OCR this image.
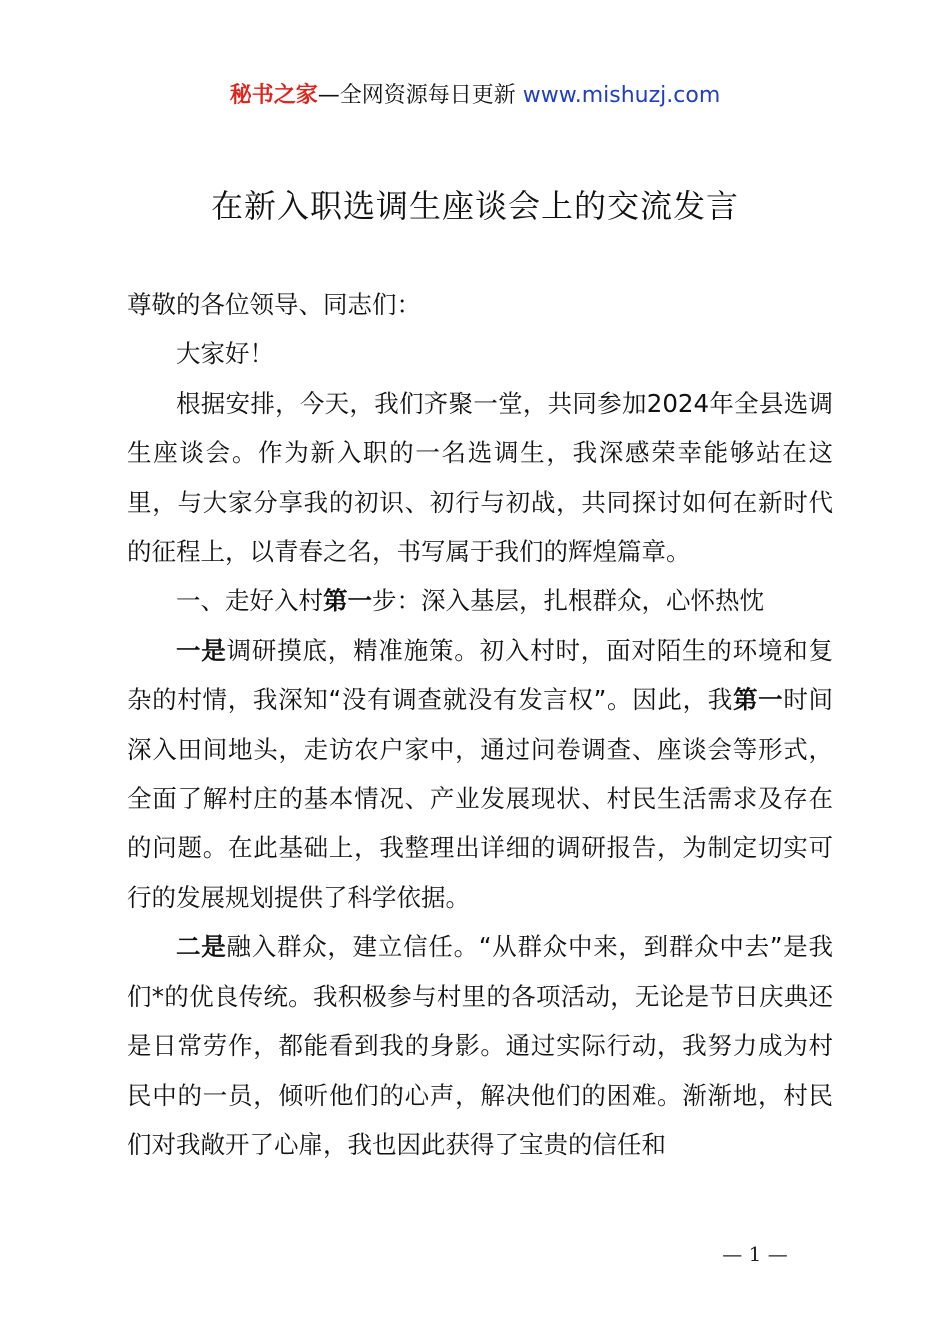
秘书之家—全网资源每日更新 www.mishuzj.com
在新入职选调生座谈会上的交流发言

尊敬的各位领导、同志们：

大家好！

根据安排，今天，我们齐聚一堂，共同参加2024年全县选调生座谈会。作为新入职的一名选调生，我深感荣幸能够站在这里，与大家分享我的初识、初行与初战，共同探讨如何在新时代的征程上，以青春之名，书写属于我们的辉煌篇章。

一、走好入村第一步：深入基层，扎根群众，心怀热忱

一是调研摸底，精准施策。初入村时，面对陌生的环境和复杂的村情，我深知“没有调查就没有发言权”。因此，我第一时间深入田间地头，走访农户家中，通过问卷调查、座谈会等形式，全面了解村庄的基本情况、产业发展现状、村民生活需求及存在的问题。在此基础上，我整理出详细的调研报告，为制定切实可行的发展规划提供了科学依据。

二是融入群众，建立信任。“从群众中来，到群众中去”是我们*的优良传统。我积极参与村里的各项活动，无论是节日庆典还是日常劳作，都能看到我的身影。通过实际行动，我努力成为村民中的一员，倾听他们的心声，解决他们的困难。渐渐地，村民们对我敞开了心扉，我也因此获得了宝贵的信任和

— 1 —
